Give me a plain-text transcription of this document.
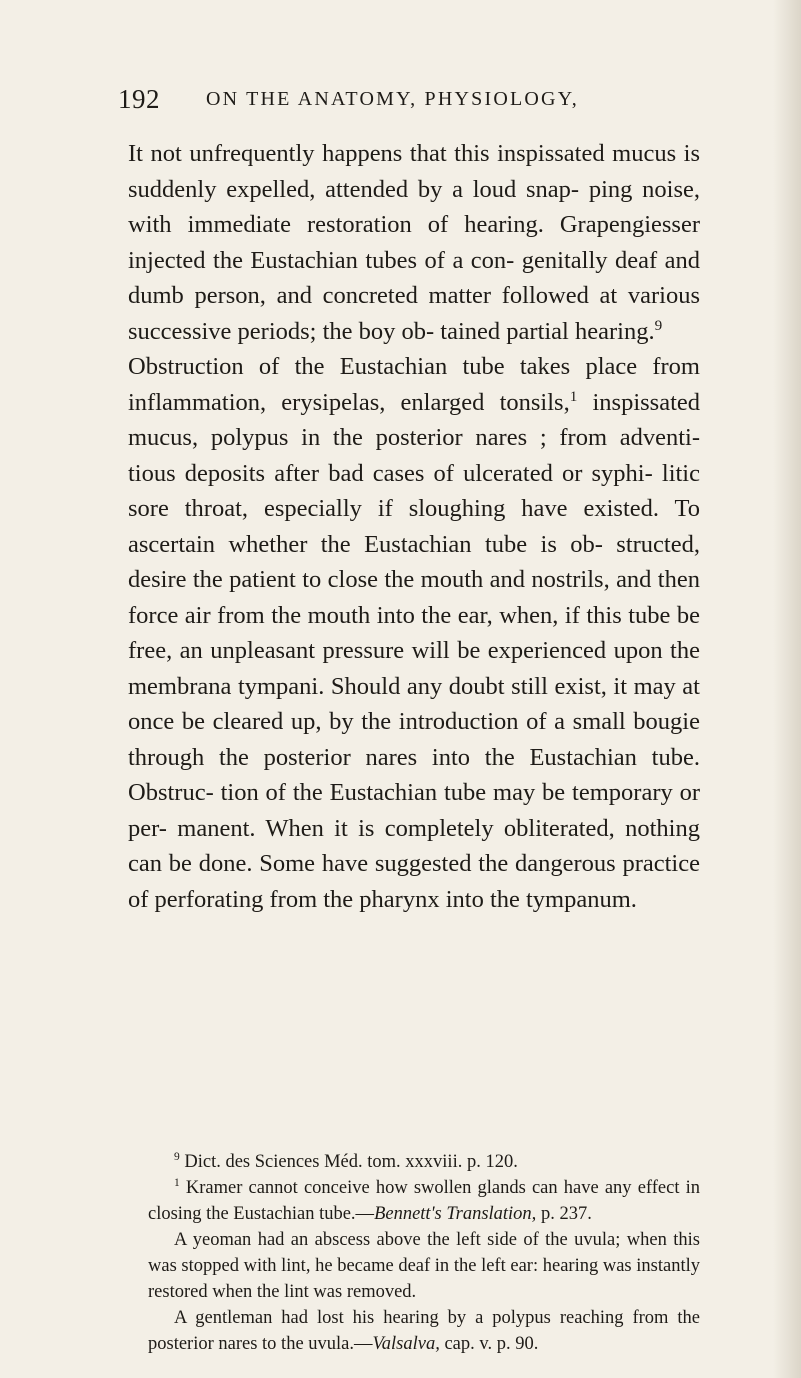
192 ON THE ANATOMY, PHYSIOLOGY,

It not unfrequently happens that this inspissated mucus is suddenly expelled, attended by a loud snap- ping noise, with immediate restoration of hearing. Grapengiesser injected the Eustachian tubes of a con- genitally deaf and dumb person, and concreted matter followed at various successive periods; the boy ob- tained partial hearing.$^9$

Obstruction of the Eustachian tube takes place from inflammation, erysipelas, enlarged tonsils,$^1$ inspissated mucus, polypus in the posterior nares ; from adventi- tious deposits after bad cases of ulcerated or syphi- litic sore throat, especially if sloughing have existed. To ascertain whether the Eustachian tube is ob- structed, desire the patient to close the mouth and nostrils, and then force air from the mouth into the ear, when, if this tube be free, an unpleasant pressure will be experienced upon the membrana tympani. Should any doubt still exist, it may at once be cleared up, by the introduction of a small bougie through the posterior nares into the Eustachian tube. Obstruc- tion of the Eustachian tube may be temporary or per- manent. When it is completely obliterated, nothing can be done. Some have suggested the dangerous practice of perforating from the pharynx into the tympanum.

$^9$ Dict. des Sciences Méd. tom. xxxviii. p. 120.

$^1$ Kramer cannot conceive how swollen glands can have any effect in closing the Eustachian tube.—Bennett's Translation, p. 237.

A yeoman had an abscess above the left side of the uvula; when this was stopped with lint, he became deaf in the left ear: hearing was instantly restored when the lint was removed.

A gentleman had lost his hearing by a polypus reaching from the posterior nares to the uvula.—Valsalva, cap. v. p. 90.
